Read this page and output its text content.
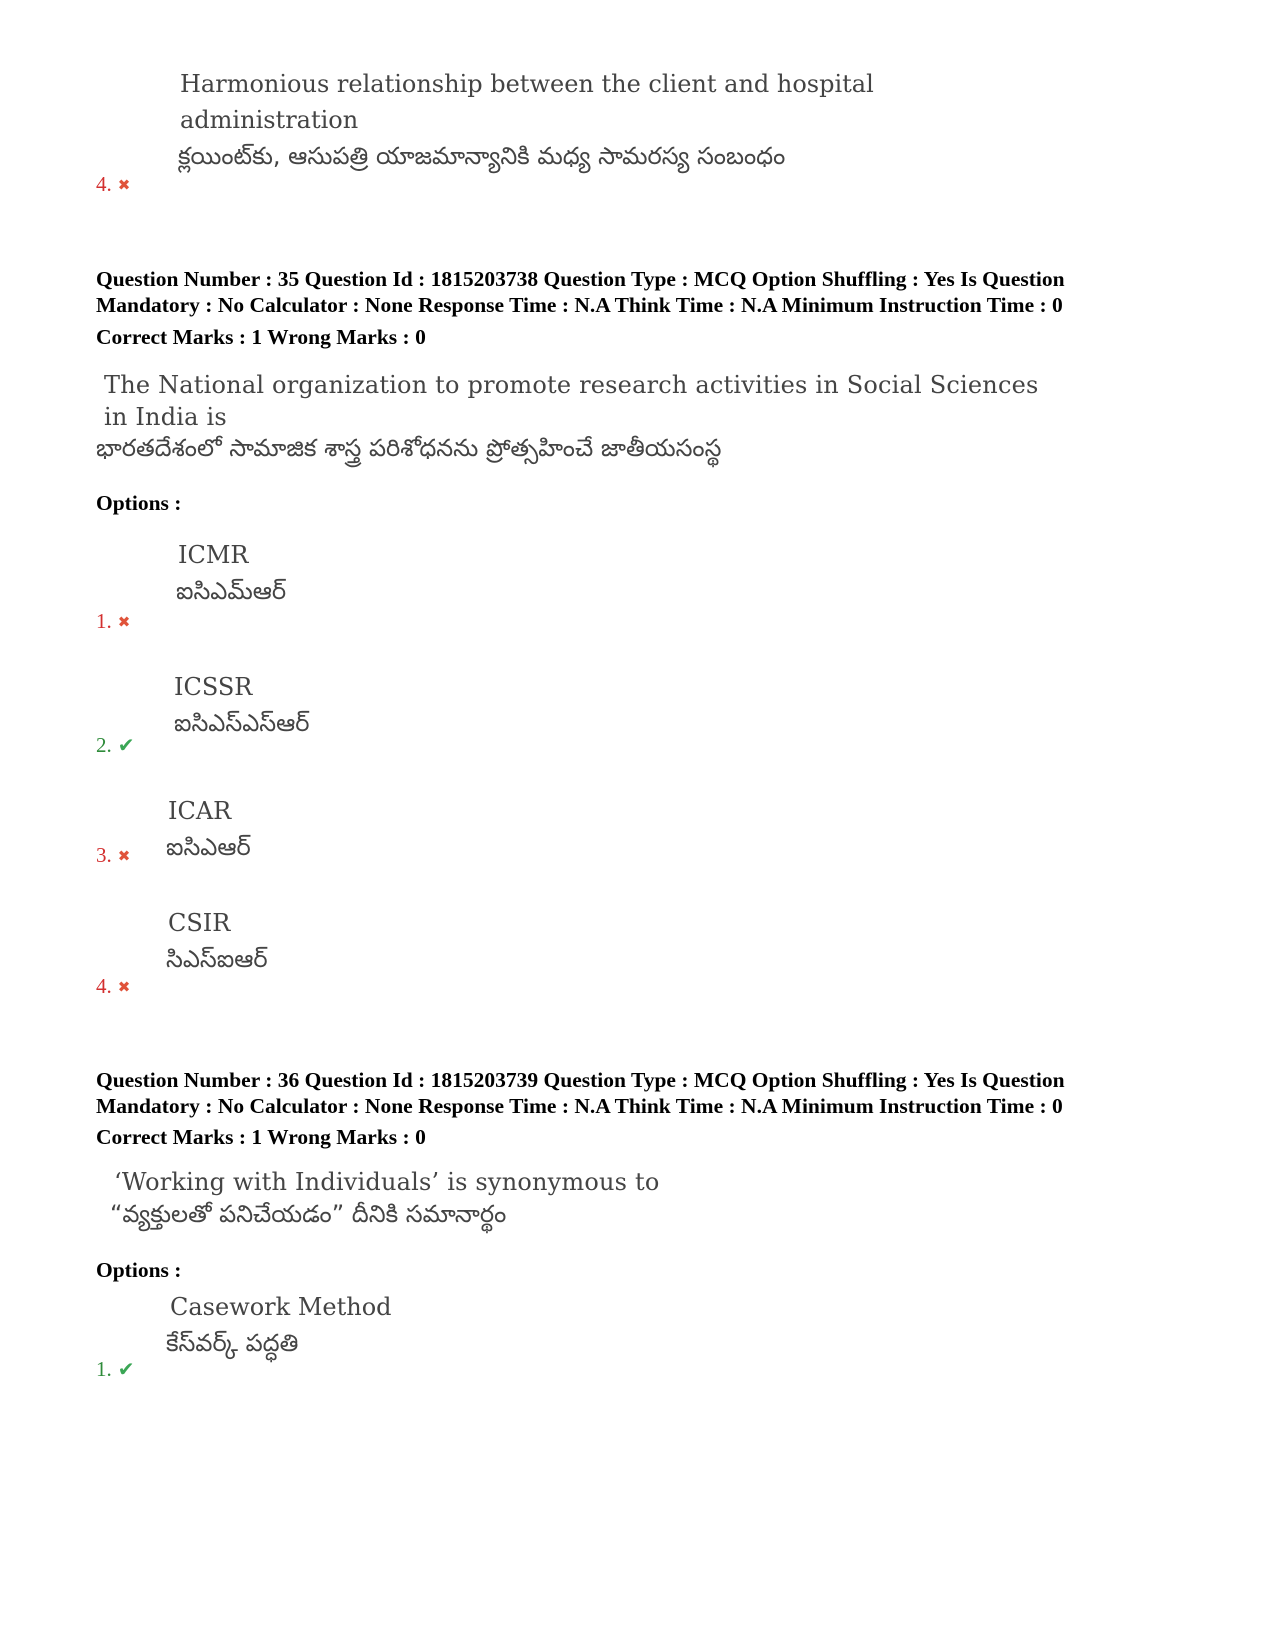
Harmonious relationship between the client and hospital
administration
క్లయింట్‌కు, ఆసుపత్రి యాజమాన్యానికి మధ్య సామరస్య సంబంధం
4. ✖
Question Number : 35 Question Id : 1815203738 Question Type : MCQ Option Shuffling : Yes Is Question
Mandatory : No Calculator : None Response Time : N.A Think Time : N.A Minimum Instruction Time : 0
Correct Marks : 1 Wrong Marks : 0
The National organization to promote research activities in Social Sciences
in India is
భారతదేశంలో సామాజిక శాస్త్ర పరిశోధనను ప్రోత్సహించే జాతీయసంస్థ
Options :
ICMR
ఐసిఎమ్ఆర్
1. ✖
ICSSR
ఐసిఎస్ఎస్ఆర్
2. ✔
ICAR
ఐసిఎఆర్
3. ✖
CSIR
సిఎస్ఐఆర్
4. ✖
Question Number : 36 Question Id : 1815203739 Question Type : MCQ Option Shuffling : Yes Is Question
Mandatory : No Calculator : None Response Time : N.A Think Time : N.A Minimum Instruction Time : 0
Correct Marks : 1 Wrong Marks : 0
‘Working with Individuals’ is synonymous to
“వ్యక్తులతో పనిచేయడం” దీనికి సమానార్థం
Options :
Casework Method
కేస్‌వర్క్ పద్ధతి
1. ✔
